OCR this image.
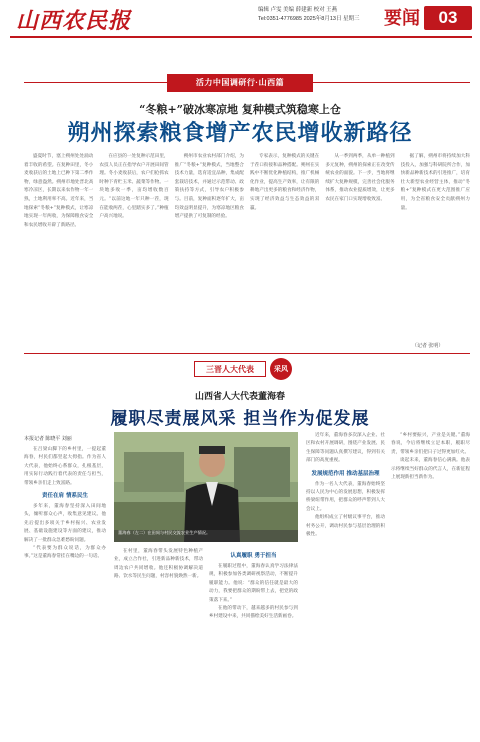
山西农民报	编辑 卢雯 美编 薛建新 校对 王燕
Tel:0351-4776985 2025年8月13日 星期三 要闻	03
活力中国调研行·山西篇
“冬粮+”破冰寒凉地 复种模式筑稳寒上仓
朔州探索粮食增产农民增收新路径
盛夏时节，塞上朔州处处涌动着丰收的希望。在复种田里，冬小麦收获后的土地上已种下第二季作物，绿意盎然。朔州市地处晋北高寒冷凉区，长期以来农作物一年一熟，土地利用率不高。近年来，当地探索“冬粮+”复种模式，让寒凉地实现一年两收，为保障粮食安全和农民增收开辟了新路径。
在应县的一处复种示范田里，农技人员正在指导农户开展田间管理。冬小麦收获后，农户们抢抓农时种下青贮玉米、蔬菜等作物。一块地多收一季，亩均增收数百元。“以前这地一年只种一茬，现在能收两茬，心里踏实多了。”种植户高兴地说。
朔州市农业农村部门介绍，为推广“冬粮+”复种模式，当地整合技术力量，选育适宜品种，集成配套栽培技术，并通过示范带动、政策扶持等方式，引导农户积极参与。目前，复种面积逐年扩大，亩均效益明显提升，为寒凉地区粮食增产提供了可复制的经验。
专家表示，复种模式的关键在于茬口衔接和品种搭配。朔州在实践中不断优化种植结构，推广机械化作业，提高生产效率，让有限的耕地产出更多的粮食和经济作物，实现了经济效益与生态效益的双赢。
从一季到两季，从单一种植到多元复种，朔州的探索正在改变传统农业的面貌。下一步，当地将继续扩大复种规模，完善社会化服务体系，推动农业提质增效，让更多农民在家门口实现增收致富。
据了解，朔州市将持续加大科技投入，加强与科研院所合作，加快新品种新技术的引进推广，培育壮大新型农业经营主体，推动“冬粮+”复种模式在更大范围推广应用，为全省粮食安全贡献朔州力量。
（记者 张明）
三晋人大代表	采风
山西省人大代表董海春
履职尽责展风采 担当作为促发展
本报记者 陈晓平 刘丽

在吕梁山脚下的乡村里，一提起董海春，村民们都竖起大拇指。作为省人大代表，他始终心系群众，扎根基层，用实际行动践行着代表的责任与担当，带领乡亲们走上致富路。

责任在肩 情系民生

多年来，董海春坚持深入田间地头，倾听群众心声，收集意见建议。他先后提出多项关于乡村振兴、农业发展、基础设施建设等方面的建议，推动解决了一批群众急难愁盼问题。

“代表要为群众说话，为群众办事。”这是董海春常挂在嘴边的一句话。

董海春（左二）在田间与村民交流农业生产情况。

在村里，董海春带头发展特色种植产业，成立合作社，引进新品种新技术，带动周边农户共同增收。他还积极协调解决道路、饮水等民生问题，村容村貌焕然一新。

认真履职 勇于担当

在履职过程中，董海春认真学习法律法规，积极参加各类调研视察活动，不断提升履职能力。他说：“群众的信任就是最大的动力，我要把群众的期盼带上去，把党的政策落下来。”

在他的带动下，越来越多的村民参与到乡村建设中来，共同描绘美好生活新画卷。

近年来，董海春多次深入企业、社区和农村开展调研，围绕产业发展、民生保障等问题认真撰写建议，得到有关部门的高度重视。

发展规范作用 推动基层治理

作为一名人大代表，董海春始终坚持以人民为中心的发展思想，积极发挥桥梁纽带作用，把群众的呼声带到人大会议上。

他组织成立了村级议事平台，推动村务公开，调动村民参与基层治理的积极性。

“乡村要振兴，产业是关键。”董海春说，今后将继续立足本职，履职尽责，带领乡亲们把日子过得更加红火。

谈起未来，董海春信心满满。他表示将继续当好群众的代言人，在新征程上展现新担当新作为。
